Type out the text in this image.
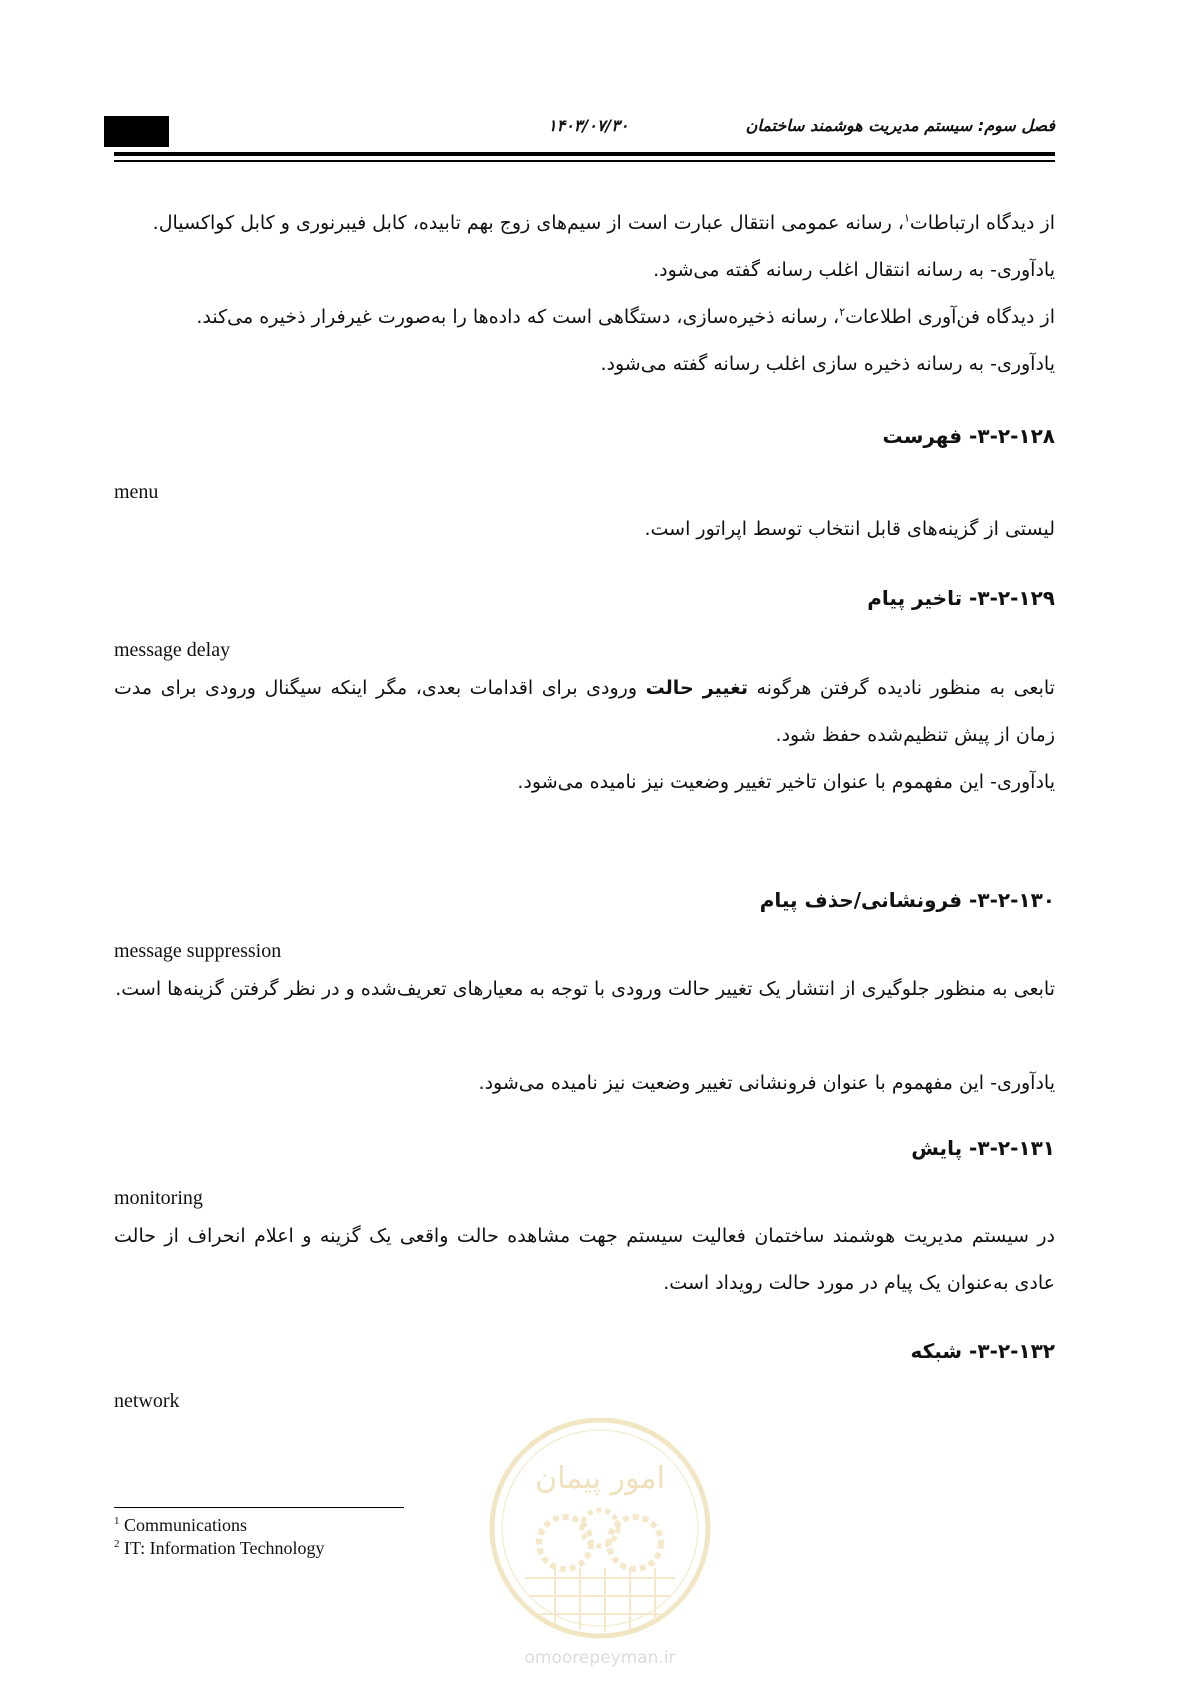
۱۴۰۳/۰۷/۳۰	فصل سوم: سیستم مدیریت هوشمند ساختمان
از دیدگاه ارتباطات$^۱$، رسانه عمومی انتقال عبارت است از سیم‌های زوج بهم تابیده، کابل فیبرنوری و کابل کواکسیال.
یادآوری- به رسانه انتقال اغلب رسانه گفته می‌شود.
از دیدگاه فن‌آوری اطلاعات$^۲$، رسانه ذخیره‌سازی، دستگاهی است که داده‌ها را به‌صورت غیرفرار ذخیره می‌کند.
یادآوری- به رسانه ذخیره سازی اغلب رسانه گفته می‌شود.
۳-۲-۱۲۸- فهرست
menu
لیستی از گزینه‌های قابل انتخاب توسط اپراتور است.
۳-۲-۱۲۹- تاخیر پیام
message delay
تابعی به منظور نادیده گرفتن هرگونه تغییر حالت ورودی برای اقدامات بعدی، مگر اینکه سیگنال ورودی برای مدت زمان از پیش تنظیم‌شده حفظ شود.
یادآوری- این مفهموم با عنوان تاخیر تغییر وضعیت نیز نامیده می‌شود.
۳-۲-۱۳۰- فرونشانی/حذف پیام
message suppression
تابعی به منظور جلوگیری از انتشار یک تغییر حالت ورودی با توجه به معیارهای تعریف‌شده و در نظر گرفتن گزینه‌ها است.
یادآوری- این مفهموم با عنوان فرونشانی تغییر وضعیت نیز نامیده می‌شود.
۳-۲-۱۳۱- پایش
monitoring
در سیستم مدیریت هوشمند ساختمان فعالیت سیستم جهت مشاهده حالت واقعی یک گزینه و اعلام انحراف از حالت عادی به‌عنوان یک پیام در مورد حالت رویداد است.
۳-۲-۱۳۲- شبکه
network
امور پیمان
omoorepeyman.ir
$^1$ Communications
$^2$ IT: Information Technology
